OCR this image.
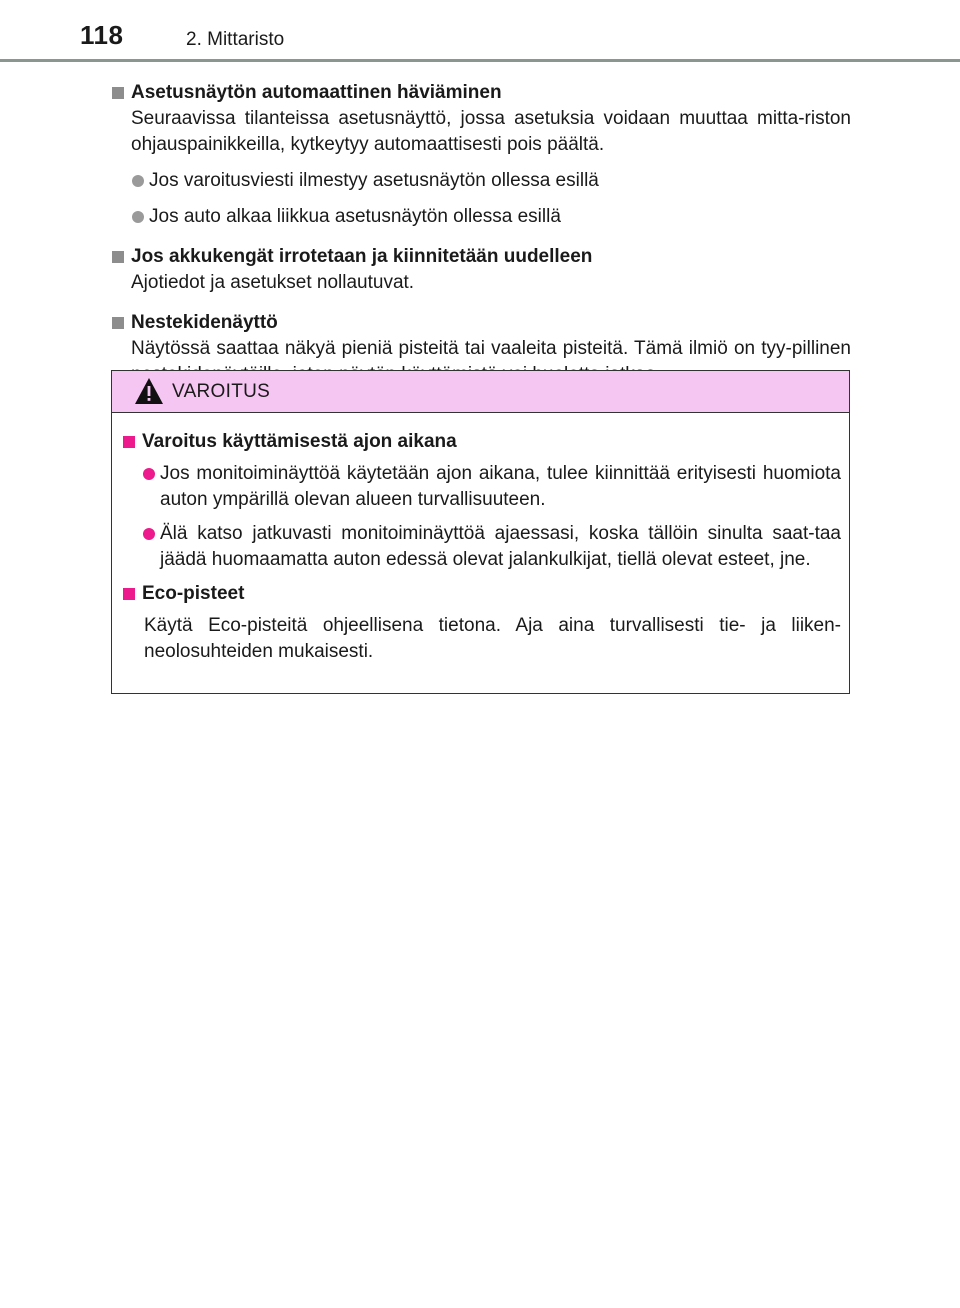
118	2. Mittaristo
Asetusnäytön automaattinen häviäminen
Seuraavissa tilanteissa asetusnäyttö, jossa asetuksia voidaan muuttaa mitta-riston ohjauspainikkeilla, kytkeytyy automaattisesti pois päältä.
Jos varoitusviesti ilmestyy asetusnäytön ollessa esillä
Jos auto alkaa liikkua asetusnäytön ollessa esillä
Jos akkukengät irrotetaan ja kiinnitetään uudelleen
Ajotiedot ja asetukset nollautuvat.
Nestekidenäyttö
Näytössä saattaa näkyä pieniä pisteitä tai vaaleita pisteitä. Tämä ilmiö on tyy-pillinen
VAROITUS
Varoitus käyttämisestä ajon aikana
Jos monitoiminäyttöä käytetään ajon aikana, tulee kiinnittää erityisesti huomiota auton ympärillä olevan alueen turvallisuuteen.
Älä katso jatkuvasti monitoiminäyttöä ajaessasi, koska tällöin sinulta saat-taa jäädä huomaamatta auton edessä olevat jalankulkijat, tiellä olevat esteet, jne.
Eco-pisteet
Käytä Eco-pisteitä ohjeellisena tietona. Aja aina turvallisesti tie- ja liiken-neolosuhteiden mukaisesti.
